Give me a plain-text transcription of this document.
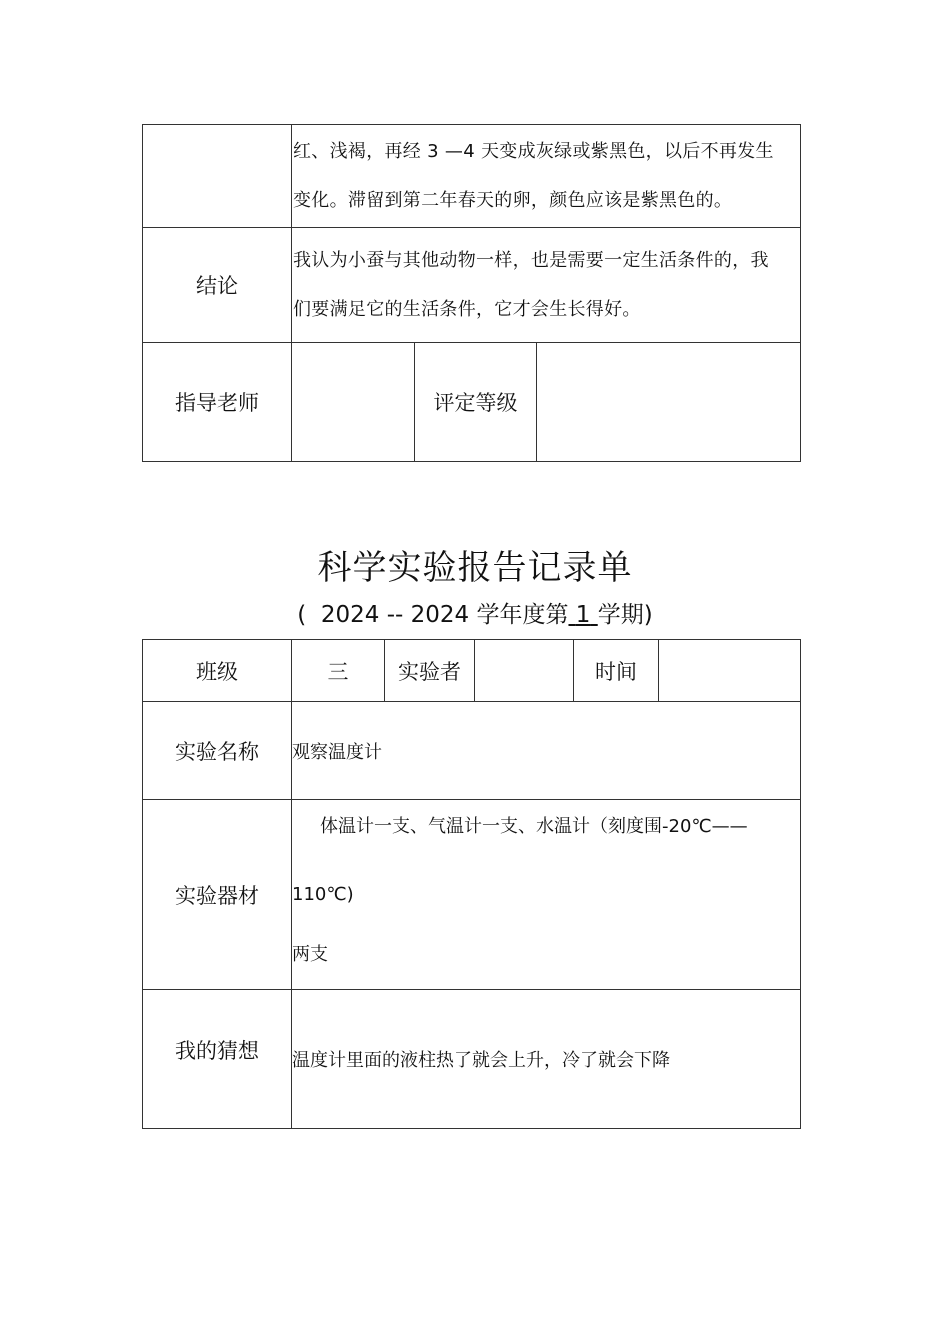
	红、浅褐，再经 3 —4 天变成灰绿或紫黑色，以后不再发生
变化。滞留到第二年春天的卵，颜色应该是紫黑色的。		

结论	我认为小蚕与其他动物一样，也是需要一定生活条件的，我
们要满足它的生活条件，它才会生长得好。		

指导老师		评定等级	
科学实验报告记录单
(  2024 -- 2024 学年度第 1 学期)
班级	三	实验者		时间	
实验名称	观察温度计				
实验器材	体温计一支、气温计一支、水温计（刻度围-20℃——
110℃)
两支				

我的猜想	温度计里面的液柱热了就会上升，冷了就会下降				
